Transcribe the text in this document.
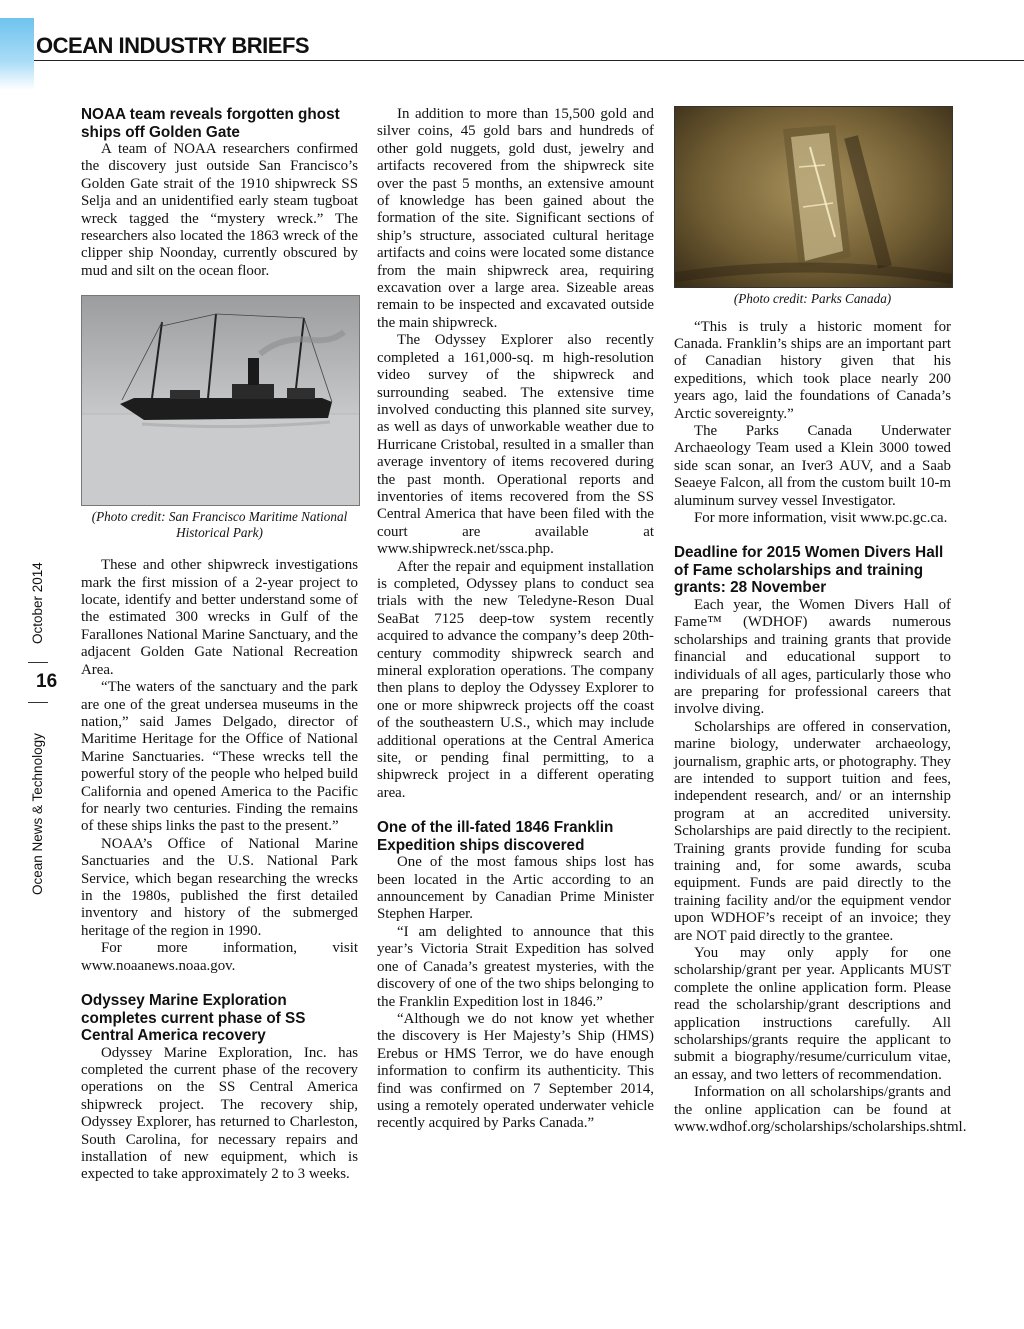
OCEAN INDUSTRY BRIEFS
October 2014
Ocean News & Technology
16
NOAA team reveals forgotten ghost ships off Golden Gate

A team of NOAA researchers confirmed the discovery just outside San Francisco’s Golden Gate strait of the 1910 shipwreck SS Selja and an unidentified early steam tugboat wreck tagged the “mystery wreck.” The researchers also located the 1863 wreck of the clipper ship Noonday, currently obscured by mud and silt on the ocean floor.

(Photo credit: San Francisco Maritime National Historical Park)

These and other shipwreck investigations mark the first mission of a 2-year project to locate, identify and better understand some of the estimated 300 wrecks in Gulf of the Farallones National Marine Sanctuary, and the adjacent Golden Gate National Recreation Area.

“The waters of the sanctuary and the park are one of the great undersea museums in the nation,” said James Delgado, director of Maritime Heritage for the Office of National Marine Sanctuaries. “These wrecks tell the powerful story of the people who helped build California and opened America to the Pacific for nearly two centuries. Finding the remains of these ships links the past to the present.”

NOAA’s Office of National Marine Sanctuaries and the U.S. National Park Service, which began researching the wrecks in the 1980s, published the first detailed inventory and history of the submerged heritage of the region in 1990.

For more information, visit www.noaanews.noaa.gov.

Odyssey Marine Exploration completes current phase of SS Central America recovery

Odyssey Marine Exploration, Inc. has completed the current phase of the recovery operations on the SS Central America shipwreck project. The recovery ship, Odyssey Explorer, has returned to Charleston, South Carolina, for necessary repairs and installation of new equipment, which is expected to take approximately 2 to 3 weeks.

In addition to more than 15,500 gold and silver coins, 45 gold bars and hundreds of other gold nuggets, gold dust, jewelry and artifacts recovered from the shipwreck site over the past 5 months, an extensive amount of knowledge has been gained about the formation of the site. Significant sections of ship’s structure, associated cultural heritage artifacts and coins were located some distance from the main shipwreck area, requiring excavation over a large area. Sizeable areas remain to be inspected and excavated outside the main shipwreck.

The Odyssey Explorer also recently completed a 161,000-sq. m high-resolution video survey of the shipwreck and surrounding seabed. The extensive time involved conducting this planned site survey, as well as days of unworkable weather due to Hurricane Cristobal, resulted in a smaller than average inventory of items recovered during the past month. Operational reports and inventories of items recovered from the SS Central America that have been filed with the court are available at www.shipwreck.net/ssca.php.

After the repair and equipment installation is completed, Odyssey plans to conduct sea trials with the new Teledyne-Reson Dual SeaBat 7125 deep-tow system recently acquired to advance the company’s deep 20th-century commodity shipwreck search and mineral exploration operations. The company then plans to deploy the Odyssey Explorer to one or more shipwreck projects off the coast of the southeastern U.S., which may include additional operations at the Central America site, or pending final permitting, to a shipwreck project in a different operating area.

One of the ill-fated 1846 Franklin Expedition ships discovered

One of the most famous ships lost has been located in the Artic according to an announcement by Canadian Prime Minister Stephen Harper.

“I am delighted to announce that this year’s Victoria Strait Expedition has solved one of Canada’s greatest mysteries, with the discovery of one of the two ships belonging to the Franklin Expedition lost in 1846.”

“Although we do not know yet whether the discovery is Her Majesty’s Ship (HMS) Erebus or HMS Terror, we do have enough information to confirm its authenticity. This find was confirmed on 7 September 2014, using a remotely operated underwater vehicle recently acquired by Parks Canada.”

(Photo credit: Parks Canada)

“This is truly a historic moment for Canada. Franklin’s ships are an important part of Canadian history given that his expeditions, which took place nearly 200 years ago, laid the foundations of Canada’s Arctic sovereignty.”

The Parks Canada Underwater Archaeology Team used a Klein 3000 towed side scan sonar, an Iver3 AUV, and a Saab Seaeye Falcon, all from the custom built 10-m aluminum survey vessel Investigator.

For more information, visit www.pc.gc.ca.

Deadline for 2015 Women Divers Hall of Fame scholarships and training grants: 28 November

Each year, the Women Divers Hall of Fame™ (WDHOF) awards numerous scholarships and training grants that provide financial and educational support to individuals of all ages, particularly those who are preparing for professional careers that involve diving.

Scholarships are offered in conservation, marine biology, underwater archaeology, journalism, graphic arts, or photography. They are intended to support tuition and fees, independent research, and/ or an internship program at an accredited university. Scholarships are paid directly to the recipient. Training grants provide funding for scuba training and, for some awards, scuba equipment. Funds are paid directly to the training facility and/or the equipment vendor upon WDHOF’s receipt of an invoice; they are NOT paid directly to the grantee.

You may only apply for one scholarship/grant per year. Applicants MUST complete the online application form. Please read the scholarship/grant descriptions and application instructions carefully. All scholarships/grants require the applicant to submit a biography/resume/curriculum vitae, an essay, and two letters of recommendation.

Information on all scholarships/grants and the online application can be found at www.wdhof.org/scholarships/scholarships.shtml.
